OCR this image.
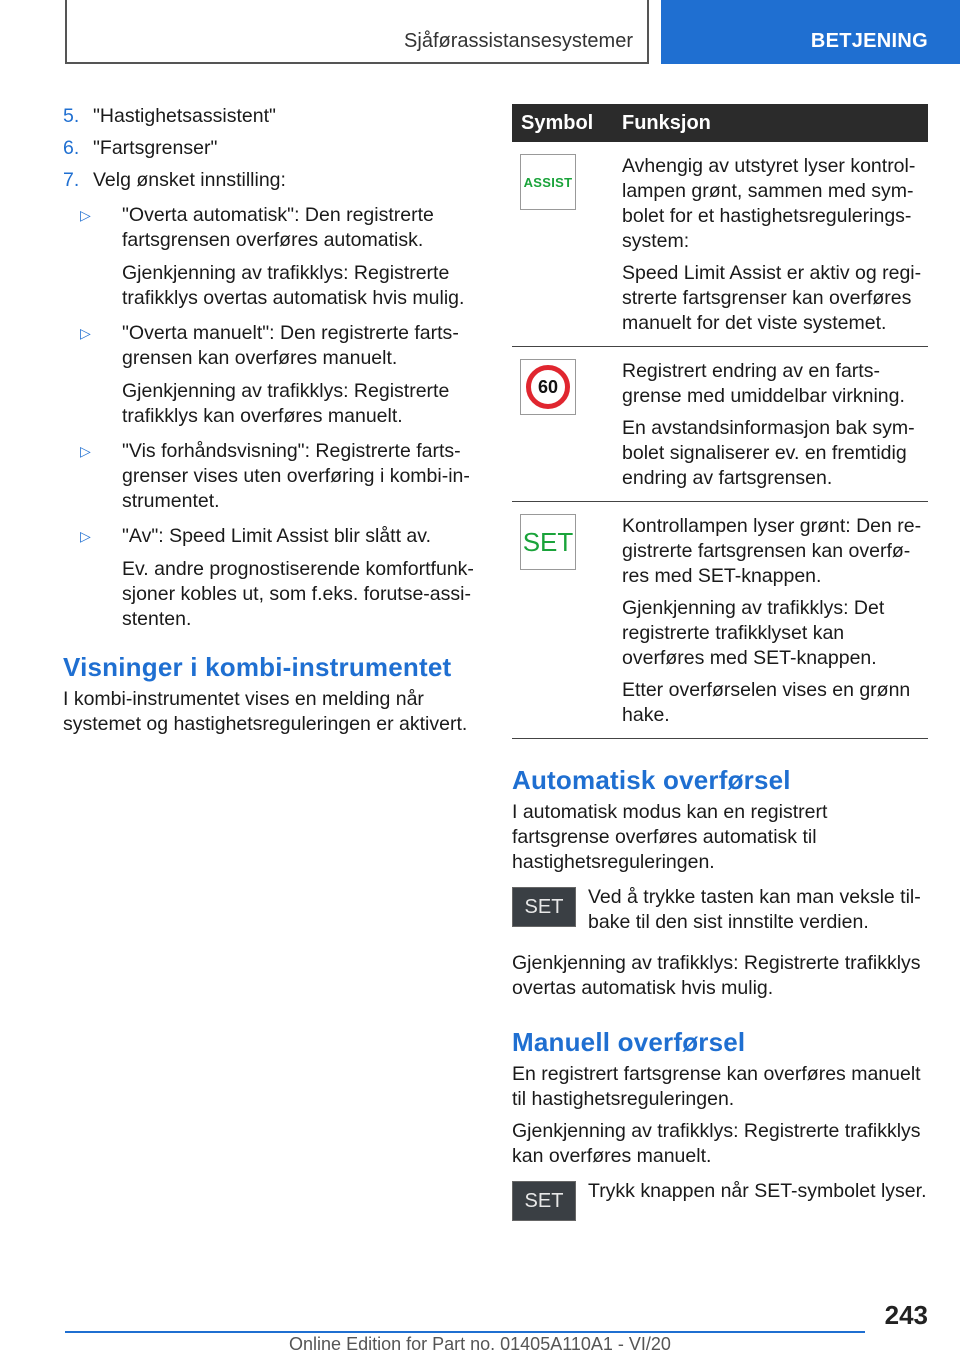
Sjåførassistansesystemer	BETJENING
5. "Hastighetsassistent"
6. "Fartsgrenser"
7. Velg ønsket innstilling:
▷ "Overta automatisk": Den registrerte fartsgrensen overføres automatisk.

Gjenkjenning av trafikklys: Registrerte trafikklys overtas automatisk hvis mulig.

▷ "Overta manuelt": Den registrerte fartsgrensen kan overføres manuelt.

Gjenkjenning av trafikklys: Registrerte trafikklys kan overføres manuelt.

▷ "Vis forhåndsvisning": Registrerte fartsgrenser vises uten overføring i kombi-instrumentet.

▷ "Av": Speed Limit Assist blir slått av.

Ev. andre prognostiserende komfortfunksjoner kobles ut, som f.eks. forutse-assistenten.

Visninger i kombi-instrumentet

I kombi-instrumentet vises en melding når systemet og hastighetsreguleringen er aktivert.

Symbol	Funksjon

ASSIST	Avhengig av utstyret lyser kontrollampen grønt, sammen med symbolet for et hastighetsreguleringssystem:

Speed Limit Assist er aktiv og registrerte fartsgrenser kan overføres manuelt for det viste systemet.

60	Registrert endring av en fartsgrense med umiddelbar virkning.

En avstandsinformasjon bak symbolet signaliserer ev. en fremtidig endring av fartsgrensen.

SET	Kontrollampen lyser grønt: Den registrerte fartsgrensen kan overføres med SET-knappen.

Gjenkjenning av trafikklys: Det registrerte trafikklyset kan overføres med SET-knappen.

Etter overførselen vises en grønn hake.

Automatisk overførsel

I automatisk modus kan en registrert fartsgrense overføres automatisk til hastighetsreguleringen.

SET	Ved å trykke tasten kan man veksle tilbake til den sist innstilte verdien.

Gjenkjenning av trafikklys: Registrerte trafikklys overtas automatisk hvis mulig.

Manuell overførsel

En registrert fartsgrense kan overføres manuelt til hastighetsreguleringen.

Gjenkjenning av trafikklys: Registrerte trafikklys kan overføres manuelt.

SET	Trykk knappen når SET-symbolet lyser.

243
Online Edition for Part no. 01405A110A1 - VI/20
